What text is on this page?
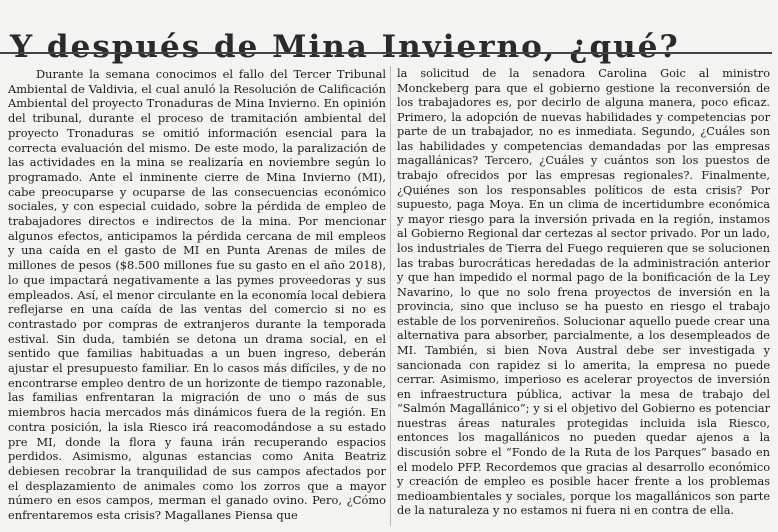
Y después de Mina Invierno, ¿qué?

Durante la semana conocimos el fallo del Tercer Tribunal Ambiental de Valdivia, el cual anuló la Resolución de Calificación Ambiental del proyecto Tronaduras de Mina Invierno. En opinión del tribunal, durante el proceso de tramitación ambiental del proyecto Tronaduras se omitió información esencial para la correcta evaluación del mismo. De este modo, la paralización de las actividades en la mina se realizaría en noviembre según lo programado. Ante el inminente cierre de Mina Invierno (MI), cabe preocuparse y ocuparse de las consecuencias económico sociales, y con especial cuidado, sobre la pérdida de empleo de trabajadores directos e indirectos de la mina. Por mencionar algunos efectos, anticipamos la pérdida cercana de mil empleos y una caída en el gasto de MI en Punta Arenas de miles de millones de pesos ($8.500 millones fue su gasto en el año 2018), lo que impactará negativamente a las pymes proveedoras y sus empleados. Así, el menor circulante en la economía local debiera reflejarse en una caída de las ventas del comercio si no es contrastado por compras de extranjeros durante la temporada estival. Sin duda, también se detona un drama social, en el sentido que familias habituadas a un buen ingreso, deberán ajustar el presupuesto familiar. En lo casos más difíciles, y de no encontrarse empleo dentro de un horizonte de tiempo razonable, las familias enfrentaran la migración de uno o más de sus miembros hacia mercados más dinámicos fuera de la región. En contra posición, la isla Riesco irá reacomodándose a su estado pre MI, donde la flora y fauna irán recuperando espacios perdidos. Asimismo, algunas estancias como Anita Beatriz debiesen recobrar la tranquilidad de sus campos afectados por el desplazamiento de animales como los zorros que a mayor número en esos campos, merman el ganado ovino. Pero, ¿Cómo enfrentaremos esta crisis? Magallanes Piensa que

la solicitud de la senadora Carolina Goic al ministro Monckeberg para que el gobierno gestione la reconversión de los trabajadores es, por decirlo de alguna manera, poco eficaz. Primero, la adopción de nuevas habilidades y competencias por parte de un trabajador, no es inmediata. Segundo, ¿Cuáles son las habilidades y competencias demandadas por las empresas magallánicas? Tercero, ¿Cuáles y cuántos son los puestos de trabajo ofrecidos por las empresas regionales?. Finalmente, ¿Quiénes son los responsables políticos de esta crisis? Por supuesto, paga Moya. En un clima de incertidumbre económica y mayor riesgo para la inversión privada en la región, instamos al Gobierno Regional dar certezas al sector privado. Por un lado, los industriales de Tierra del Fuego requieren que se solucionen las trabas burocráticas heredadas de la administración anterior y que han impedido el normal pago de la bonificación de la Ley Navarino, lo que no solo frena proyectos de inversión en la provincia, sino que incluso se ha puesto en riesgo el trabajo estable de los porvenireños. Solucionar aquello puede crear una alternativa para absorber, parcialmente, a los desempleados de MI. También, si bien Nova Austral debe ser investigada y sancionada con rapidez si lo amerita, la empresa no puede cerrar. Asimismo, imperioso es acelerar proyectos de inversión en infraestructura pública, activar la mesa de trabajo del “Salmón Magallánico”; y si el objetivo del Gobierno es potenciar nuestras áreas naturales protegidas incluida isla Riesco, entonces los magallánicos no pueden quedar ajenos a la discusión sobre el “Fondo de la Ruta de los Parques” basado en el modelo PFP. Recordemos que gracias al desarrollo económico y creación de empleo es posible hacer frente a los problemas medioambientales y sociales, porque los magallánicos son parte de la naturaleza y no estamos ni fuera ni en contra de ella.
